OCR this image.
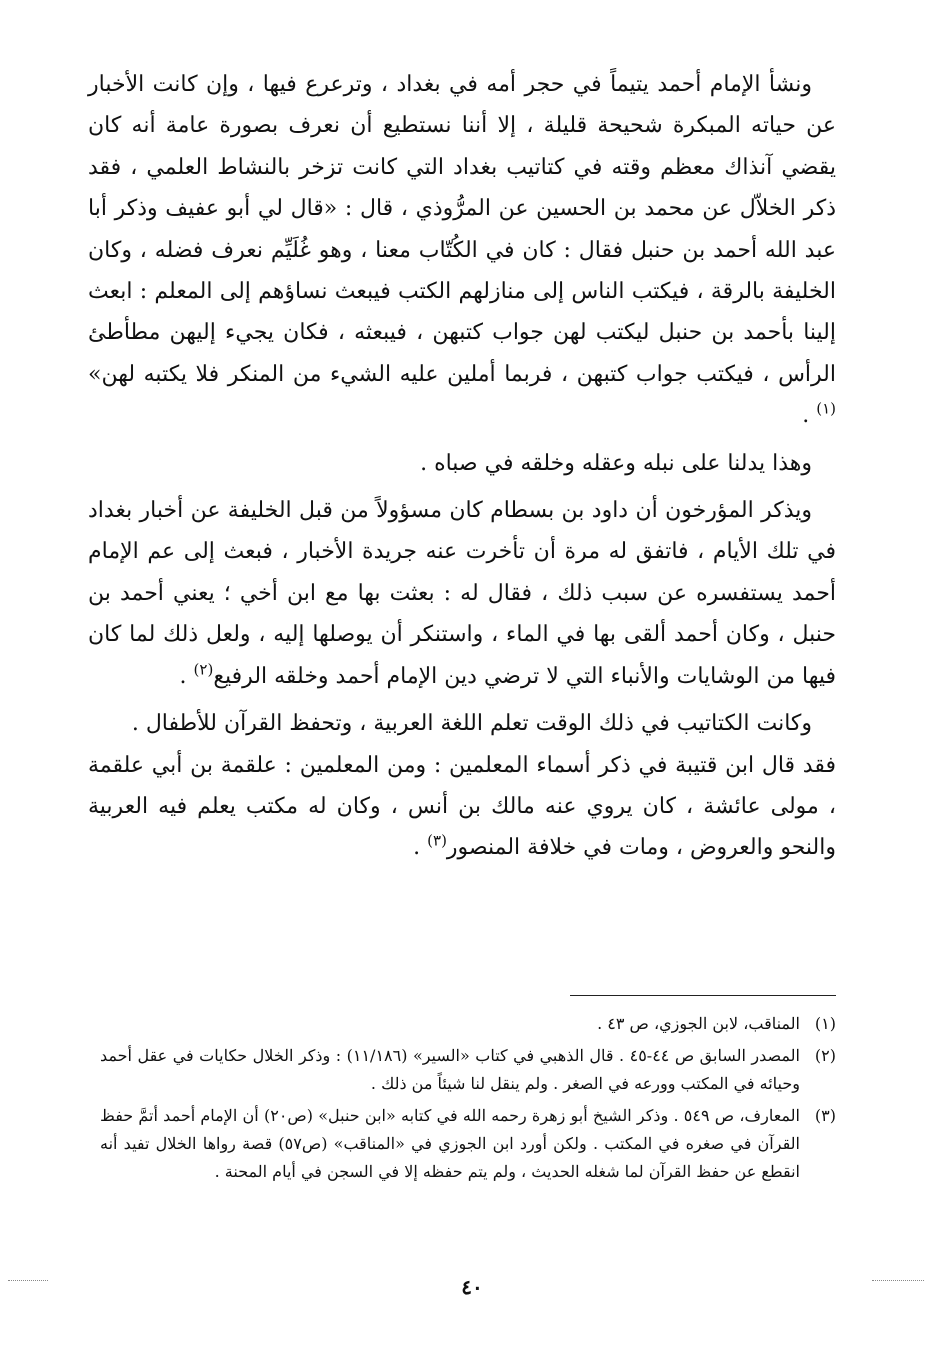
ونشأ الإمام أحمد يتيماً في حجر أمه في بغداد ، وترعرع فيها ، وإن كانت الأخبار عن حياته المبكرة شحيحة قليلة ، إلا أننا نستطيع أن نعرف بصورة عامة أنه كان يقضي آنذاك معظم وقته في كتاتيب بغداد التي كانت تزخر بالنشاط العلمي ، فقد ذكر الخلاّل عن محمد بن الحسين عن المرُّوذي ، قال : «قال لي أبو عفيف وذكر أبا عبد الله أحمد بن حنبل فقال : كان في الكُتّاب معنا ، وهو غُلَيِّم نعرف فضله ، وكان الخليفة بالرقة ، فيكتب الناس إلى منازلهم الكتب فيبعث نساؤهم إلى المعلم : ابعث إلينا بأحمد بن حنبل ليكتب لهن جواب كتبهن ، فيبعثه ، فكان يجيء إليهن مطأطئ الرأس ، فيكتب جواب كتبهن ، فربما أملين عليه الشيء من المنكر فلا يكتبه لهن» $^{(١)}$ .

وهذا يدلنا على نبله وعقله وخلقه في صباه .

ويذكر المؤرخون أن داود بن بسطام كان مسؤولاً من قبل الخليفة عن أخبار بغداد في تلك الأيام ، فاتفق له مرة أن تأخرت عنه جريدة الأخبار ، فبعث إلى عم الإمام أحمد يستفسره عن سبب ذلك ، فقال له : بعثت بها مع ابن أخي ؛ يعني أحمد بن حنبل ، وكان أحمد ألقى بها في الماء ، واستنكر أن يوصلها إليه ، ولعل ذلك لما كان فيها من الوشايات والأنباء التي لا ترضي دين الإمام أحمد وخلقه الرفيع$^{(٢)}$ .

وكانت الكتاتيب في ذلك الوقت تعلم اللغة العربية ، وتحفظ القرآن للأطفال .

فقد قال ابن قتيبة في ذكر أسماء المعلمين : ومن المعلمين : علقمة بن أبي علقمة ، مولى عائشة ، كان يروي عنه مالك بن أنس ، وكان له مكتب يعلم فيه العربية والنحو والعروض ، ومات في خلافة المنصور$^{(٣)}$ .

(١)المناقب، لابن الجوزي، ص ٤٣ .

(٢)المصدر السابق ص ٤٤-٤٥ . قال الذهبي في كتاب «السير» (١١/١٨٦) : وذكر الخلال حكايات في عقل أحمد وحيائه في المكتب وورعه في الصغر . ولم ينقل لنا شيئاً من ذلك .

(٣)المعارف، ص ٥٤٩ . وذكر الشيخ أبو زهرة رحمه الله في كتابه «ابن حنبل» (ص٢٠) أن الإمام أحمد أتمَّ حفظ القرآن في صغره في المكتب . ولكن أورد ابن الجوزي في «المناقب» (ص٥٧) قصة رواها الخلال تفيد أنه انقطع عن حفظ القرآن لما شغله الحديث ، ولم يتم حفظه إلا في السجن في أيام المحنة .

٤٠
